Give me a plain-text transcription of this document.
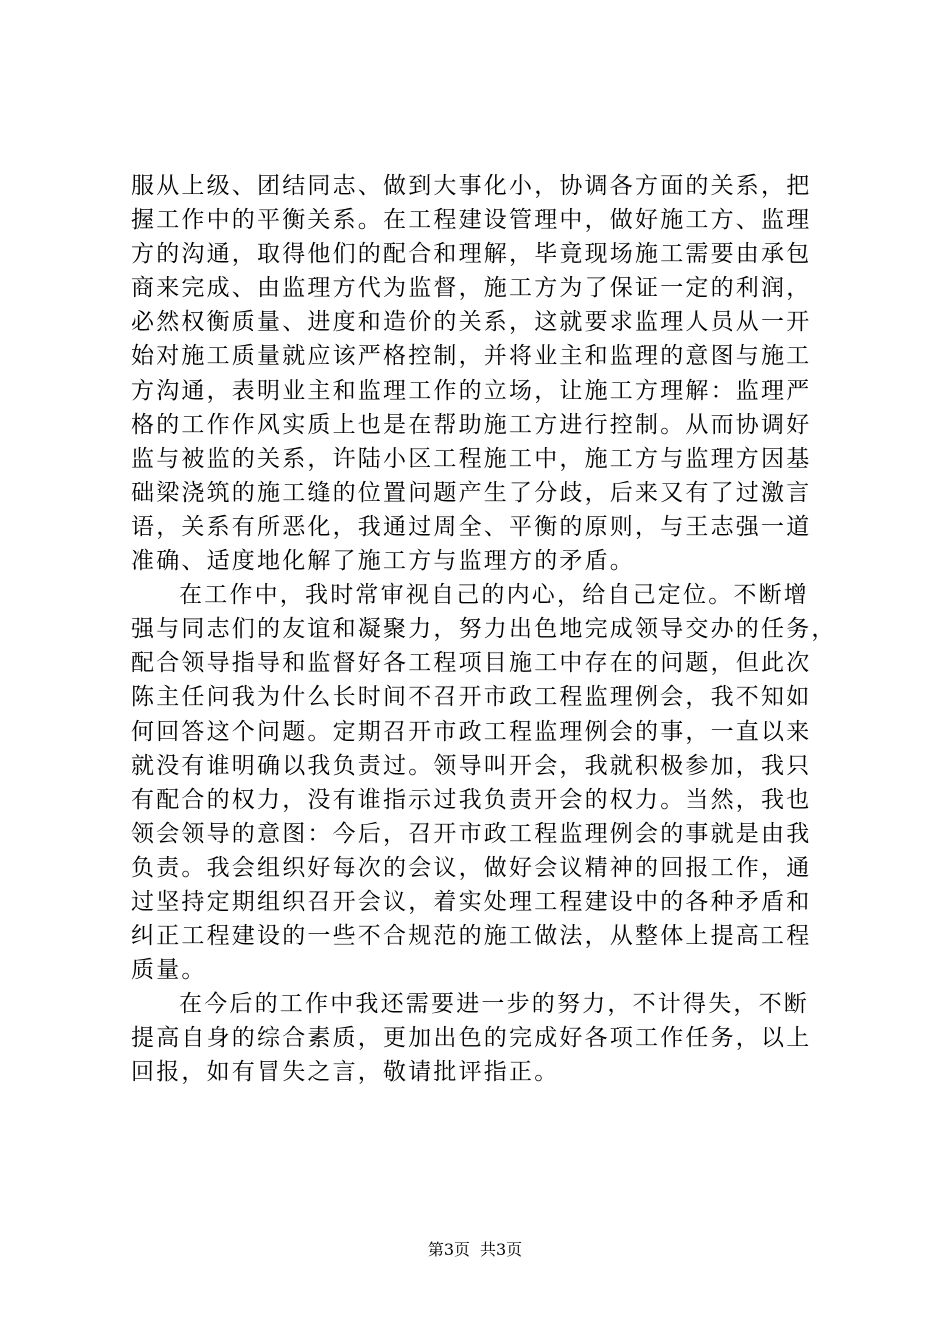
服从上级、团结同志、做到大事化小，协调各方面的关系，把
握工作中的平衡关系。在工程建设管理中，做好施工方、监理
方的沟通，取得他们的配合和理解，毕竟现场施工需要由承包
商来完成、由监理方代为监督，施工方为了保证一定的利润，
必然权衡质量、进度和造价的关系，这就要求监理人员从一开
始对施工质量就应该严格控制，并将业主和监理的意图与施工
方沟通，表明业主和监理工作的立场，让施工方理解：监理严
格的工作作风实质上也是在帮助施工方进行控制。从而协调好
监与被监的关系，许陆小区工程施工中，施工方与监理方因基
础梁浇筑的施工缝的位置问题产生了分歧，后来又有了过激言
语，关系有所恶化，我通过周全、平衡的原则，与王志强一道
准确、适度地化解了施工方与监理方的矛盾。
在工作中，我时常审视自己的内心，给自己定位。不断增
强与同志们的友谊和凝聚力，努力出色地完成领导交办的任务，
配合领导指导和监督好各工程项目施工中存在的问题，但此次
陈主任问我为什么长时间不召开市政工程监理例会，我不知如
何回答这个问题。定期召开市政工程监理例会的事，一直以来
就没有谁明确以我负责过。领导叫开会，我就积极参加，我只
有配合的权力，没有谁指示过我负责开会的权力。当然，我也
领会领导的意图：今后，召开市政工程监理例会的事就是由我
负责。我会组织好每次的会议，做好会议精神的回报工作，通
过坚持定期组织召开会议，着实处理工程建设中的各种矛盾和
纠正工程建设的一些不合规范的施工做法，从整体上提高工程
质量。
在今后的工作中我还需要进一步的努力，不计得失，不断
提高自身的综合素质，更加出色的完成好各项工作任务，以上
回报，如有冒失之言，敬请批评指正。
第3页 共3页
